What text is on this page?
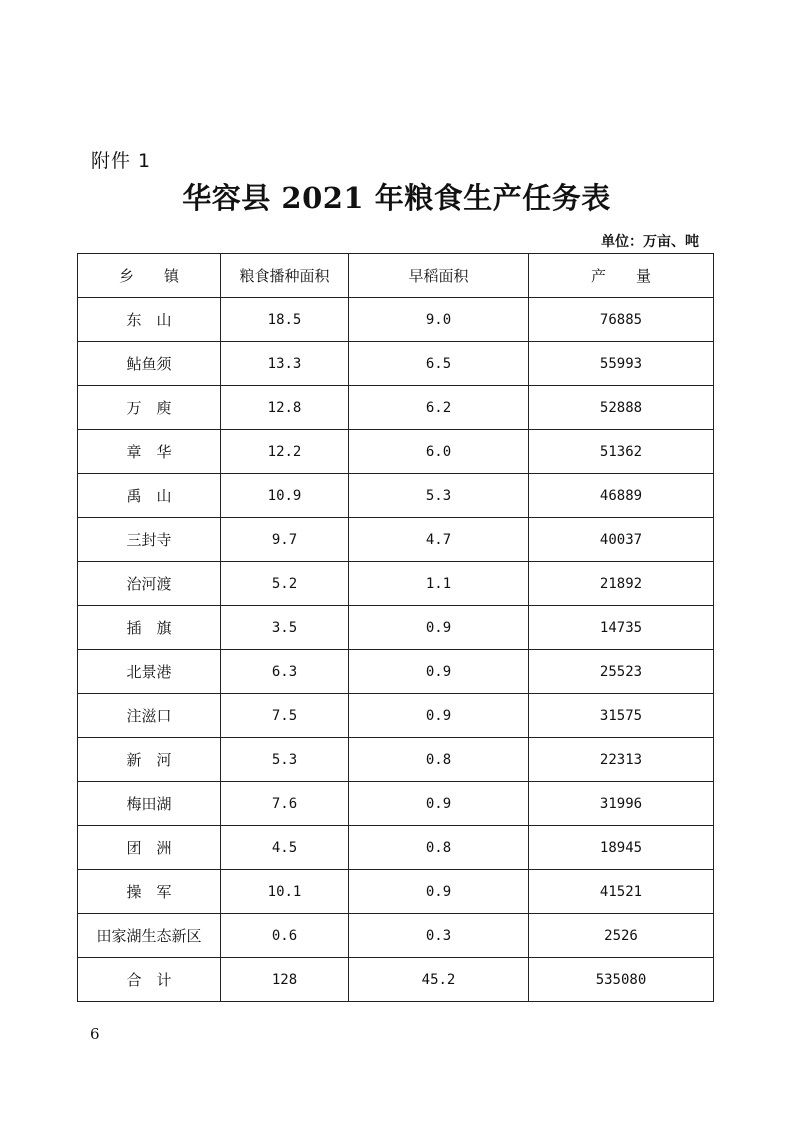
附件 1
华容县 2021 年粮食生产任务表
单位：万亩、吨
乡　　镇	粮食播种面积	早稻面积	产　　量
东　山	18.5	9.0	76885
鲇鱼须	13.3	6.5	55993
万　庾	12.8	6.2	52888
章　华	12.2	6.0	51362
禹　山	10.9	5.3	46889
三封寺	9.7	4.7	40037
治河渡	5.2	1.1	21892
插　旗	3.5	0.9	14735
北景港	6.3	0.9	25523
注滋口	7.5	0.9	31575
新　河	5.3	0.8	22313
梅田湖	7.6	0.9	31996
团　洲	4.5	0.8	18945
操　军	10.1	0.9	41521
田家湖生态新区	0.6	0.3	2526
合　计	128	45.2	535080
6
